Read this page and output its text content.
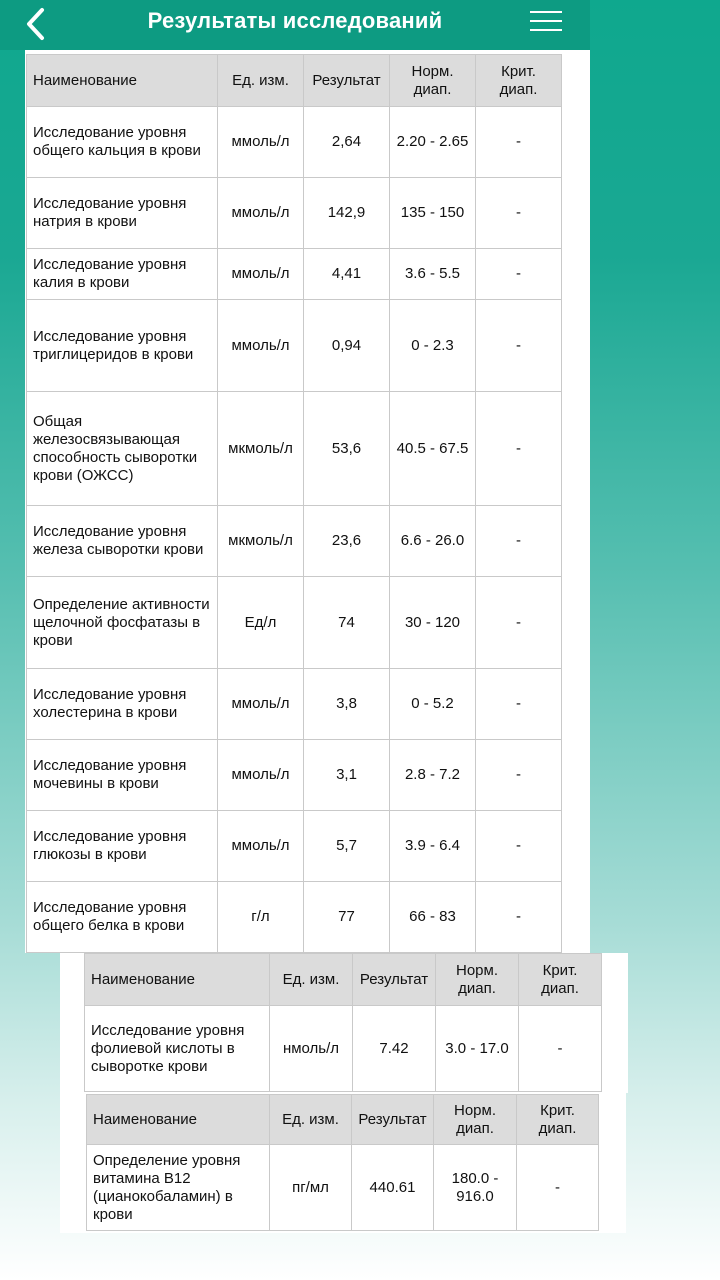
Результаты исследований
Наименование	Ед. изм.	Результат	Норм. диап.	Крит. диап.
Исследование уровня общего кальция в крови	ммоль/л	2,64	2.20 - 2.65	-
Исследование уровня натрия в крови	ммоль/л	142,9	135 - 150	-
Исследование уровня калия в крови	ммоль/л	4,41	3.6 - 5.5	-
Исследование уровня триглицеридов в крови	ммоль/л	0,94	0 - 2.3	-
Общая железосвязывающая способность сыворотки крови (ОЖСС)	мкмоль/л	53,6	40.5 - 67.5	-
Исследование уровня железа сыворотки крови	мкмоль/л	23,6	6.6 - 26.0	-
Определение активности щелочной фосфатазы в крови	Ед/л	74	30 - 120	-
Исследование уровня холестерина в крови	ммоль/л	3,8	0 - 5.2	-
Исследование уровня мочевины в крови	ммоль/л	3,1	2.8 - 7.2	-
Исследование уровня глюкозы в крови	ммоль/л	5,7	3.9 - 6.4	-
Исследование уровня общего белка в крови	г/л	77	66 - 83	-
Наименование	Ед. изм.	Результат	Норм. диап.	Крит. диап.
Исследование уровня фолиевой кислоты в сыворотке крови	нмоль/л	7.42	3.0 - 17.0	-
Наименование	Ед. изм.	Результат	Норм. диап.	Крит. диап.
Определение уровня витамина В12 (цианокобаламин) в крови	пг/мл	440.61	180.0 - 916.0	-
